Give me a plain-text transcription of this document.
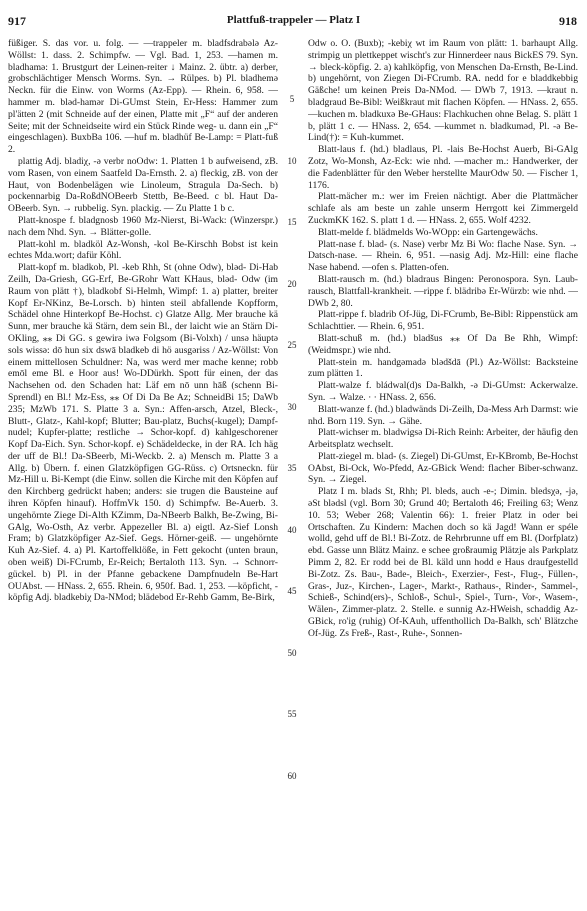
917	Plattfuß-trappeler — Platz I	918

füßiger. S. das vor. u. folg. — —trappeler m. bladfsdrabələ Az-Wöllst: 1. dass. 2. Schimpfw. — Vgl. Bad. 1, 253. —hamen m. bladhamə: 1. Brustgurt der Leinen-reiter ↓ Mainz. 2. übtr. a) derber, grobschlächtiger Mensch Worms. Syn. → Rülpes. b) Pl. bladhemə Neckn. für die Einw. von Worms (Az-Epp). — Rhein. 6, 958. —hammer m. bləd-hamər Di-GUmst Stein, Er-Hess: Hammer zum pl'ätten 2 (mit Schneide auf der einen, Platte mit „F“ auf der anderen Seite; mit der Schneidseite wird ein Stück Rinde weg- u. dann ein „F“ eingeschlagen). BuxbBa 106. —huf m. bladhüf Be-Lamp: = Platt-fuß 2.

plattig Adj. bladiχ, -ǝ verbr noOdw: 1. Platten 1 b aufweisend, zB. vom Rasen, von einem Saatfeld Da-Ernsth. 2. a) fleckig, zB. von der Haut, von Bodenbelägen wie Linoleum, Stragula Da-Sech. b) pockennarbig Da-RoßdNOBeerb Stettb, Be-Beed. c bl. Haut Da-OBeerb. Syn. → rubbelig. Syn. plackig. — Zu Platte 1 b c.

Platt-knospe f. bladgnosb 1960 Mz-Nierst, Bi-Wack: (Winzerspr.) nach dem Nhd. Syn. → Blätter-golle.

Platt-kohl m. bladköl Az-Wonsh, -kol Be-Kirschh Bobst ist kein echtes Mda.wort; dafür Köhl.

Platt-kopf m. bladkob, Pl. -keb Rhh, St (ohne Odw), bləd- Di-Hab Zeilh, Da-Griesh, GG-Erf, Be-GRohr Watt KHaus, bləd- Odw (im Raum von plätt †), bladkobf Si-Helmh, Wimpf: 1. a) platter, breiter Kopf Er-NKinz, Be-Lorsch. b) hinten steil abfallende Kopfform, Schädel ohne Hinterkopf Be-Hochst. c) Glatze Allg. Mer brauche kä Sunn, mer brauche kä Stärn, dem sein Bl., der laicht wie an Stärn Di-OKling, ⁎⁎ Di GG. s gewirə iwə Folgsom (Bi-Volxh) / unsə häuptə sols wissə: dō hun six dswā bladkeb di hö ausgəriss / Az-Wöllst: Von einem mittellosen Schuldner: Na, was werd mer mache kenne; robb emōl eme Bl. e Hoor aus! Wo-DDürkh. Spott für einen, der das Nachsehen od. den Schaden hat: Läf em nō unn hāß (schenn Bi-Sprendl) en Bl.! Mz-Ess, ⁎⁎ Of Di Da Be Az; SchneidBi 15; DaWb 235; MzWb 171. S. Platte 3 a. Syn.: Affen-arsch, Atzel, Bleck-, Blutt-, Glatz-, Kahl-kopf; Blutter; Bau-platz, Buchs(-kugel); Dampf-nudel; Kupfer-platte; restliche → Schor-kopf. d) kahlgeschorener Kopf Da-Eich. Syn. Schor-kopf. e) Schädeldecke, in der RA. Ich häg der uff de Bl.! Da-SBeerb, Mi-Weckb. 2. a) Mensch m. Platte 3 a Allg. b) Übern. f. einen Glatzköpfigen GG-Rüss. c) Ortsneckn. für Mz-Hill u. Bi-Kempt (die Einw. sollen die Kirche mit den Köpfen auf den Kirchberg gedrückt haben; anders: sie trugen die Bausteine auf ihren Köpfen hinauf). HoffmVk 150. d) Schimpfw. Be-Auerb. 3. ungehörnte Ziege Di-Alth KZimm, Da-NBeerb Balkh, Be-Zwing, Bi-GAlg, Wo-Osth, Az verbr. Appezeller Bl. a) eigtl. Az-Sief Lonsh Fram; b) Glatzköpfiger Az-Sief. Gegs. Hörner-geiß. — ungehörnte Kuh Az-Sief. 4. a) Pl. Kartoffelklöße, in Fett gekocht (unten braun, oben weiß) Di-FCrumb, Er-Reich; Bertaloth 113. Syn. → Schnorr-gückel. b) Pl. in der Pfanne gebackene Dampfnudeln Be-Hart OUAbst. — HNass. 2, 655. Rhein. 6, 950f. Bad. 1, 253. —köpficht, -köpfig Adj. bladkebiχ Da-NMod; blädebod Er-Rehb Gamm, Be-Birk,

5
10
15
20
25
30
35
40
45
50
55
60

Odw o. O. (Buxb); -kebiχ wt im Raum von plätt: 1. barhaupt Allg. strimpig un plettkeppet wischt's zur Hinnerdeer naus BickES 79. Syn. → bleck-köpfig. 2. a) kahlköpfig, von Menschen Da-Ernsth, Be-Lind. b) ungehörnt, von Ziegen Di-FCrumb. RA. nedd for e bladdkebbig Gäßche! um keinen Preis Da-NMod. — DWb 7, 1913. —kraut n. bladgraud Be-Bibl: Weißkraut mit flachen Köpfen. — HNass. 2, 655. —kuchen m. bladkuxə Be-GHaus: Flachkuchen ohne Belag. S. plätt 1 b, plätt 1 c. — HNass. 2, 654. —kummet n. bladkuməd, Pl. -ə Be-Lind(†): = Kuh-kummet.

Blatt-laus f. (hd.) bladlaus, Pl. -lais Be-Hochst Auerb, Bi-GAlg Zotz, Wo-Monsh, Az-Eck: wie nhd. —macher m.: Handwerker, der die Fadenblätter für den Weber herstellte MaurOdw 50. — Fischer 1, 1176.

Platt-mächer m.: wer im Freien nächtigt. Aber die Plattmächer schlafe als am beste un zahle unserm Herrgott kei Zimmergeld ZuckmKK 162. S. platt 1 d. — HNass. 2, 655. Wolf 4232.

Blatt-melde f. blädmelds Wo-WOpp: ein Gartengewächs.

Platt-nase f. blad- (s. Nase) verbr Mz Bi Wo: flache Nase. Syn. → Datsch-nase. — Rhein. 6, 951. —nasig Adj. Mz-Hill: eine flache Nase habend. —ofen s. Platten-ofen.

Blatt-rausch m. (hd.) bladraus Bingen: Peronospora. Syn. Laub-rausch, Blattfall-krankheit. —rippe f. blädribə Er-Würzb: wie nhd. — DWb 2, 80.

Platt-rippe f. bladrib Of-Jüg, Di-FCrumb, Be-Bibl: Rippenstück am Schlachttier. — Rhein. 6, 951.

Blatt-schuß m. (hd.) bladšus ⁎⁎ Of Da Be Rhh, Wimpf: (Weidmspr.) wie nhd.

Platt-stein m. handgəmadə blədšdā (Pl.) Az-Wöllst: Backsteine zum plätten 1.

Platt-walze f. bládwal(d)s Da-Balkh, -ə Di-GUmst: Ackerwalze. Syn. → Walze. · · HNass. 2, 656.

Blatt-wanze f. (hd.) bladwänds Di-Zeilh, Da-Mess Arh Darmst: wie nhd. Born 119. Syn. → Gähe.

Platt-wichser m. bladwigsə Di-Rich Reinh: Arbeiter, der häufig den Arbeitsplatz wechselt.

Platt-ziegel m. blad- (s. Ziegel) Di-GUmst, Er-KBromb, Be-Hochst OAbst, Bi-Ock, Wo-Pfedd, Az-GBick Wend: flacher Biber-schwanz. Syn. → Ziegel.

Platz I m. blads St, Rhh; Pl. bleds, auch -e-; Dimin. bledsχə, -jə, əSt blədsl (vgl. Born 30; Grund 40; Bertaloth 46; Freiling 63; Wenz 10. 53; Weber 268; Valentin 66): 1. freier Platz in oder bei Ortschaften. Zu Kindern: Machen doch so kä Jagd! Wann er spéle wolld, gehd uff de Bl.! Bi-Zotz. de Rehrbrunne uff em Bl. (Dorfplatz) ebd. Gasse unn Blätz Mainz. e schee großraumig Plätzje als Parkplatz Pimm 2, 82. Er rodd bei de Bl. käld unn hodd e Haus draufgestelld Bi-Zotz. Zs. Bau-, Bade-, Bleich-, Exerzier-, Fest-, Flug-, Füllen-, Gras-, Juz-, Kirchen-, Lager-, Markt-, Rathaus-, Rinder-, Sammel-, Schieß-, Schind(ers)-, Schloß-, Schul-, Spiel-, Turn-, Vor-, Wasem-, Wälen-, Zimmer-platz. 2. Stelle. e sunnig Az-HWeish, schaddig Az-GBick, ro'ig (ruhig) Of-KAuh, uffenthollich Da-Balkh, sch' Blätzche Of-Jüg. Zs Freß-, Rast-, Ruhe-, Sonnen-
